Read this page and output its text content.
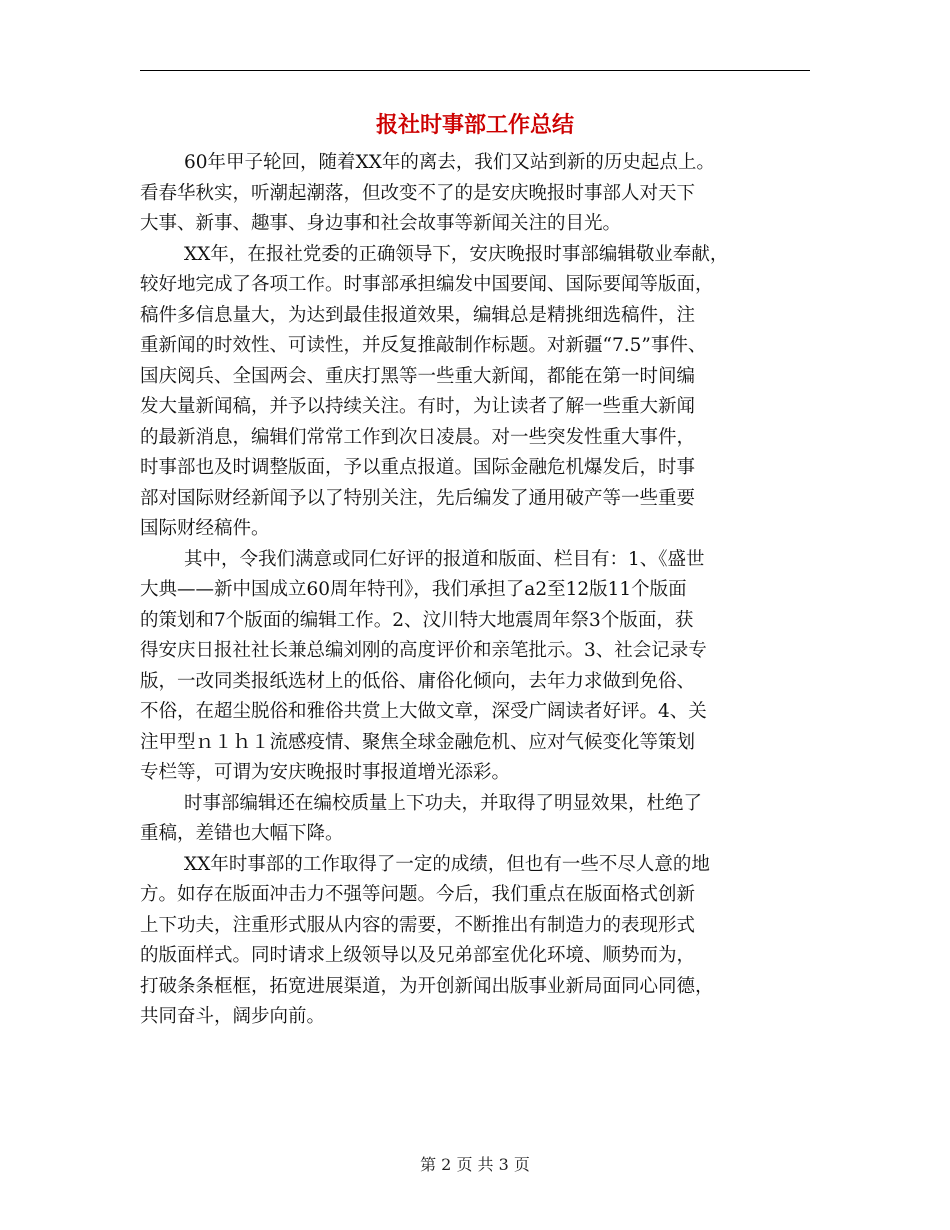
报社时事部工作总结

60年甲子轮回，随着XX年的离去，我们又站到新的历史起点上。
看春华秋实，听潮起潮落，但改变不了的是安庆晚报时事部人对天下
大事、新事、趣事、身边事和社会故事等新闻关注的目光。

XX年，在报社党委的正确领导下，安庆晚报时事部编辑敬业奉献，
较好地完成了各项工作。时事部承担编发中国要闻、国际要闻等版面，
稿件多信息量大，为达到最佳报道效果，编辑总是精挑细选稿件，注
重新闻的时效性、可读性，并反复推敲制作标题。对新疆“7.5”事件、
国庆阅兵、全国两会、重庆打黑等一些重大新闻，都能在第一时间编
发大量新闻稿，并予以持续关注。有时，为让读者了解一些重大新闻
的最新消息，编辑们常常工作到次日凌晨。对一些突发性重大事件，
时事部也及时调整版面，予以重点报道。国际金融危机爆发后，时事
部对国际财经新闻予以了特别关注，先后编发了通用破产等一些重要
国际财经稿件。

其中，令我们满意或同仁好评的报道和版面、栏目有：1、《盛世
大典——新中国成立60周年特刊》，我们承担了a2至12版11个版面
的策划和7个版面的编辑工作。2、汶川特大地震周年祭3个版面，获
得安庆日报社社长兼总编刘刚的高度评价和亲笔批示。3、社会记录专
版，一改同类报纸选材上的低俗、庸俗化倾向，去年力求做到免俗、
不俗，在超尘脱俗和雅俗共赏上大做文章，深受广阔读者好评。4、关
注甲型ｎ１ｈ１流感疫情、聚焦全球金融危机、应对气候变化等策划
专栏等，可谓为安庆晚报时事报道增光添彩。

时事部编辑还在编校质量上下功夫，并取得了明显效果，杜绝了
重稿，差错也大幅下降。

XX年时事部的工作取得了一定的成绩，但也有一些不尽人意的地
方。如存在版面冲击力不强等问题。今后，我们重点在版面格式创新
上下功夫，注重形式服从内容的需要，不断推出有制造力的表现形式
的版面样式。同时请求上级领导以及兄弟部室优化环境、顺势而为，
打破条条框框，拓宽进展渠道，为开创新闻出版事业新局面同心同德，
共同奋斗，阔步向前。

第 2 页 共 3 页
